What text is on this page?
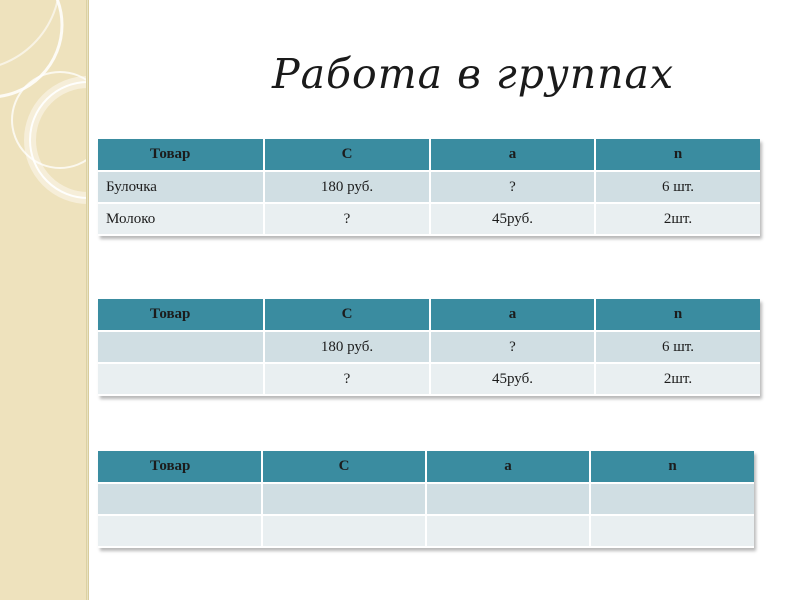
Работа в группах
Товар	C	a	n
Булочка	180 руб.	?	6 шт.
Молоко	?	45руб.	2шт.
Товар	C	a	n
	180 руб.	?	6 шт.
	?	45руб.	2шт.
Товар	C	a	n
